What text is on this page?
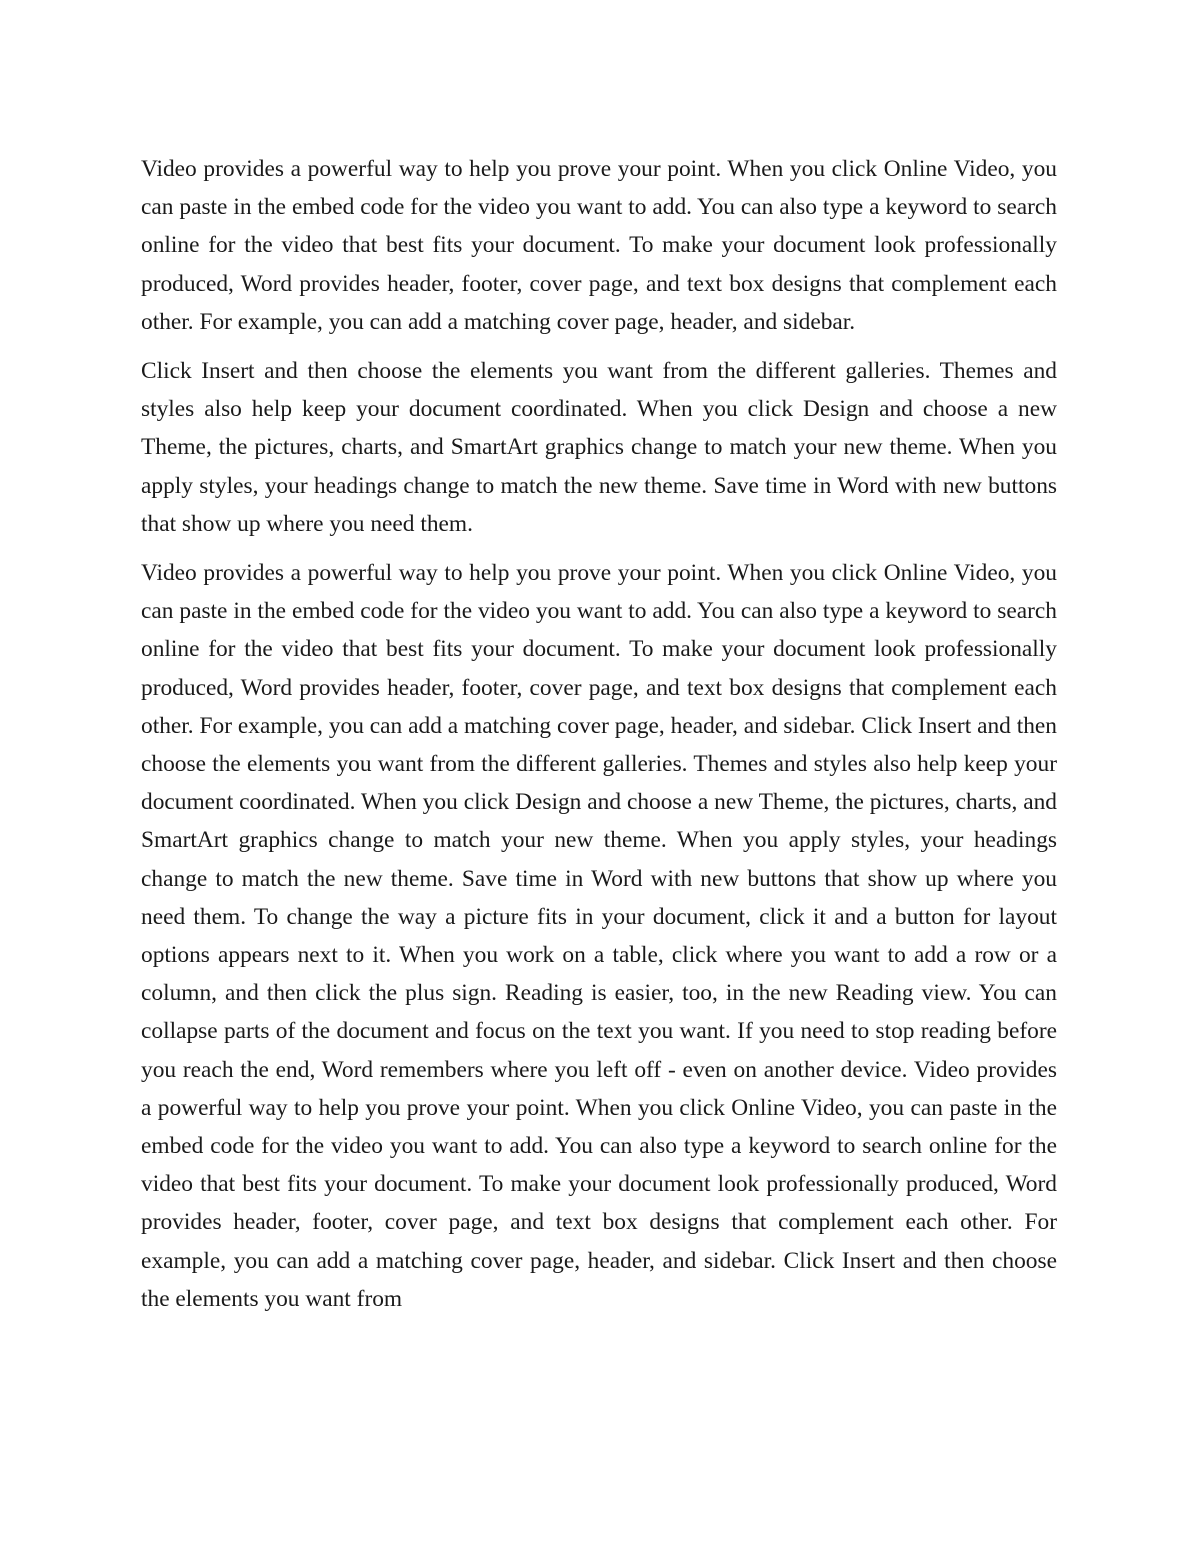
Video provides a powerful way to help you prove your point. When you click Online Video, you can paste in the embed code for the video you want to add. You can also type a keyword to search online for the video that best fits your document. To make your document look professionally produced, Word provides header, footer, cover page, and text box designs that complement each other. For example, you can add a matching cover page, header, and sidebar.

Click Insert and then choose the elements you want from the different galleries. Themes and styles also help keep your document coordinated. When you click Design and choose a new Theme, the pictures, charts, and SmartArt graphics change to match your new theme. When you apply styles, your headings change to match the new theme. Save time in Word with new buttons that show up where you need them.

Video provides a powerful way to help you prove your point. When you click Online Video, you can paste in the embed code for the video you want to add. You can also type a keyword to search online for the video that best fits your document. To make your document look professionally produced, Word provides header, footer, cover page, and text box designs that complement each other. For example, you can add a matching cover page, header, and sidebar. Click Insert and then choose the elements you want from the different galleries. Themes and styles also help keep your document coordinated. When you click Design and choose a new Theme, the pictures, charts, and SmartArt graphics change to match your new theme. When you apply styles, your headings change to match the new theme. Save time in Word with new buttons that show up where you need them. To change the way a picture fits in your document, click it and a button for layout options appears next to it. When you work on a table, click where you want to add a row or a column, and then click the plus sign. Reading is easier, too, in the new Reading view. You can collapse parts of the document and focus on the text you want. If you need to stop reading before you reach the end, Word remembers where you left off - even on another device. Video provides a powerful way to help you prove your point. When you click Online Video, you can paste in the embed code for the video you want to add. You can also type a keyword to search online for the video that best fits your document. To make your document look professionally produced, Word provides header, footer, cover page, and text box designs that complement each other. For example, you can add a matching cover page, header, and sidebar. Click Insert and then choose the elements you want from
